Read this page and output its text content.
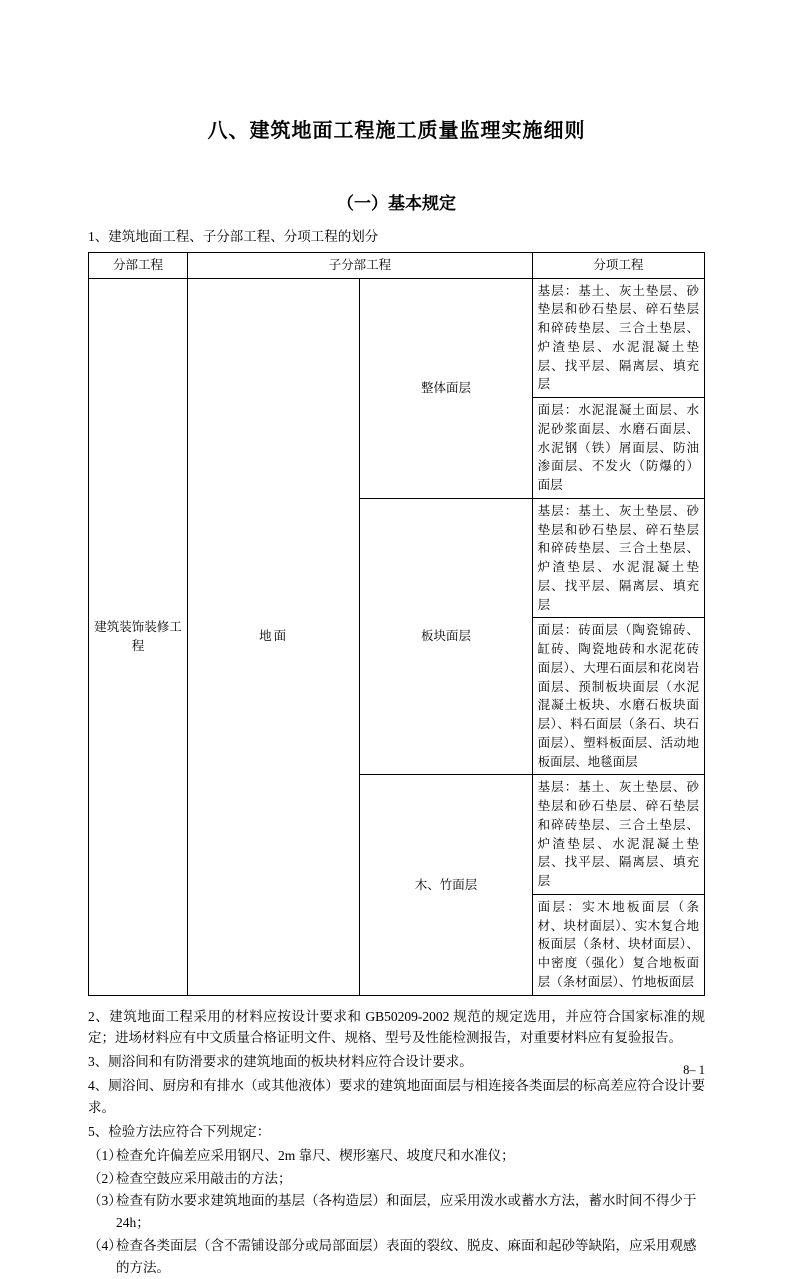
八、建筑地面工程施工质量监理实施细则
（一）基本规定

1、建筑地面工程、子分部工程、分项工程的划分

分部工程	子分部工程		分项工程
建筑装饰装修工程	地面	整体面层	基层：基土、灰土垫层、砂垫层和砂石垫层、碎石垫层和碎砖垫层、三合土垫层、炉渣垫层、水泥混凝土垫层、找平层、隔离层、填充层
			面层：水泥混凝土面层、水泥砂浆面层、水磨石面层、水泥钢（铁）屑面层、防油渗面层、不发火（防爆的）面层
		板块面层	基层：基土、灰土垫层、砂垫层和砂石垫层、碎石垫层和碎砖垫层、三合土垫层、炉渣垫层、水泥混凝土垫层、找平层、隔离层、填充层
			面层：砖面层（陶瓷锦砖、缸砖、陶瓷地砖和水泥花砖面层）、大理石面层和花岗岩面层、预制板块面层（水泥混凝土板块、水磨石板块面层）、料石面层（条石、块石面层）、塑料板面层、活动地板面层、地毯面层
		木、竹面层	基层：基土、灰土垫层、砂垫层和砂石垫层、碎石垫层和碎砖垫层、三合土垫层、炉渣垫层、水泥混凝土垫层、找平层、隔离层、填充层
			面层：实木地板面层（条材、块材面层）、实木复合地板面层（条材、块材面层）、中密度（强化）复合地板面层（条材面层）、竹地板面层

2、建筑地面工程采用的材料应按设计要求和 GB50209-2002 规范的规定选用，并应符合国家标准的规定；进场材料应有中文质量合格证明文件、规格、型号及性能检测报告，对重要材料应有复验报告。

3、厕浴间和有防滑要求的建筑地面的板块材料应符合设计要求。

4、厕浴间、厨房和有排水（或其他液体）要求的建筑地面面层与相连接各类面层的标高差应符合设计要求。

5、检验方法应符合下列规定：

（1）
检查允许偏差应采用钢尺、2m 靠尺、楔形塞尺、坡度尺和水准仪；
（2）
检查空鼓应采用敲击的方法；
（3）
检查有防水要求建筑地面的基层（各构造层）和面层，应采用泼水或蓄水方法，蓄水时间不得少于 24h；
（4）
检查各类面层（含不需铺设部分或局部面层）表面的裂纹、脱皮、麻面和起砂等缺陷，应采用观感的方法。
8– 1
